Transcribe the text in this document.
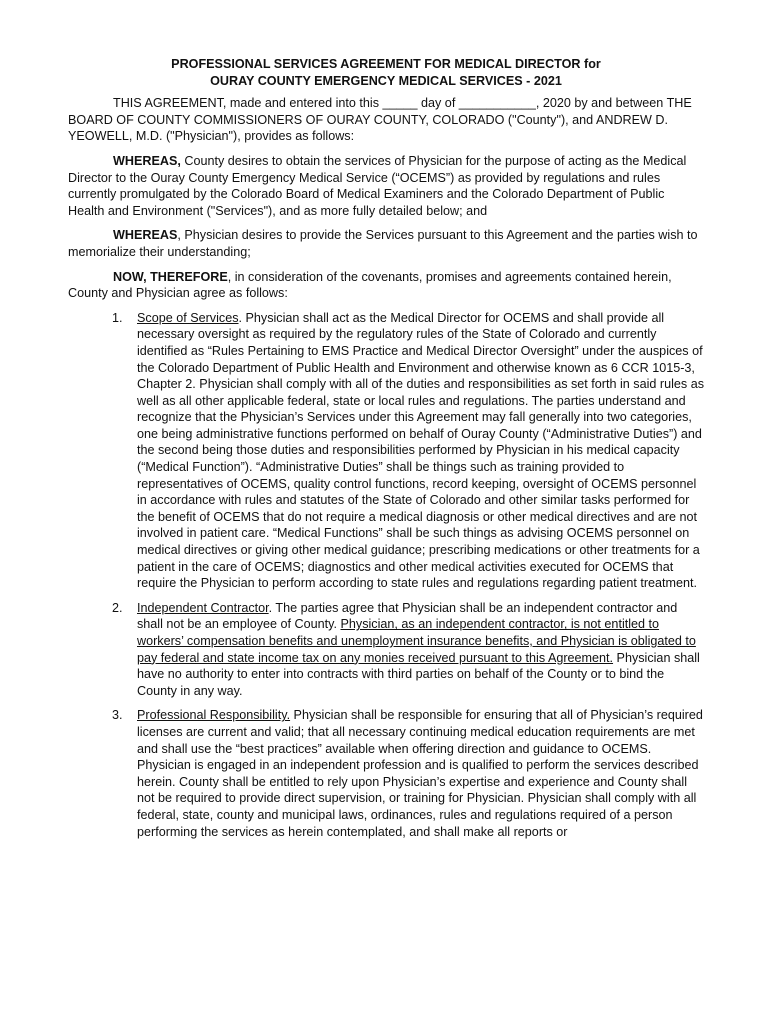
PROFESSIONAL SERVICES AGREEMENT FOR MEDICAL DIRECTOR for
OURAY COUNTY EMERGENCY MEDICAL SERVICES - 2021

THIS AGREEMENT, made and entered into this _____ day of ___________, 2020 by and between THE BOARD OF COUNTY COMMISSIONERS OF OURAY COUNTY, COLORADO ("County"), and ANDREW D. YEOWELL, M.D. ("Physician"), provides as follows:

WHEREAS, County desires to obtain the services of Physician for the purpose of acting as the Medical Director to the Ouray County Emergency Medical Service (“OCEMS”) as provided by regulations and rules currently promulgated by the Colorado Board of Medical Examiners and the Colorado Department of Public Health and Environment ("Services"), and as more fully detailed below; and

WHEREAS, Physician desires to provide the Services pursuant to this Agreement and the parties wish to memorialize their understanding;

NOW, THEREFORE, in consideration of the covenants, promises and agreements contained herein, County and Physician agree as follows:

1. Scope of Services. Physician shall act as the Medical Director for OCEMS and shall provide all necessary oversight as required by the regulatory rules of the State of Colorado and currently identified as “Rules Pertaining to EMS Practice and Medical Director Oversight” under the auspices of the Colorado Department of Public Health and Environment and otherwise known as 6 CCR 1015-3, Chapter 2. Physician shall comply with all of the duties and responsibilities as set forth in said rules as well as all other applicable federal, state or local rules and regulations. The parties understand and recognize that the Physician’s Services under this Agreement may fall generally into two categories, one being administrative functions performed on behalf of Ouray County (“Administrative Duties”) and the second being those duties and responsibilities performed by Physician in his medical capacity (“Medical Function”). “Administrative Duties” shall be things such as training provided to representatives of OCEMS, quality control functions, record keeping, oversight of OCEMS personnel in accordance with rules and statutes of the State of Colorado and other similar tasks performed for the benefit of OCEMS that do not require a medical diagnosis or other medical directives and are not involved in patient care. “Medical Functions” shall be such things as advising OCEMS personnel on medical directives or giving other medical guidance; prescribing medications or other treatments for a patient in the care of OCEMS; diagnostics and other medical activities executed for OCEMS that require the Physician to perform according to state rules and regulations regarding patient treatment.
2. Independent Contractor. The parties agree that Physician shall be an independent contractor and shall not be an employee of County. Physician, as an independent contractor, is not entitled to workers’ compensation benefits and unemployment insurance benefits, and Physician is obligated to pay federal and state income tax on any monies received pursuant to this Agreement. Physician shall have no authority to enter into contracts with third parties on behalf of the County or to bind the County in any way.
3. Professional Responsibility. Physician shall be responsible for ensuring that all of Physician’s required licenses are current and valid; that all necessary continuing medical education requirements are met and shall use the “best practices” available when offering direction and guidance to OCEMS. Physician is engaged in an independent profession and is qualified to perform the services described herein. County shall be entitled to rely upon Physician’s expertise and experience and County shall not be required to provide direct supervision, or training for Physician. Physician shall comply with all federal, state, county and municipal laws, ordinances, rules and regulations required of a person performing the services as herein contemplated, and shall make all reports or
